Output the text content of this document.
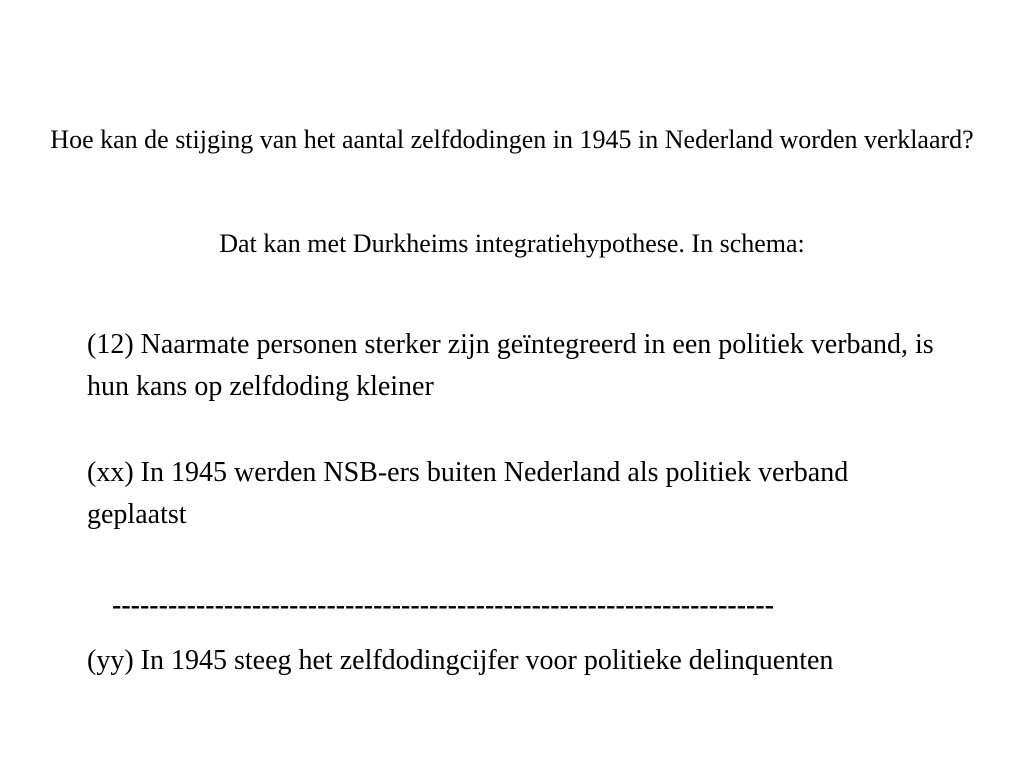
Hoe kan de stijging van het aantal zelfdodingen in 1945 in Nederland worden verklaard?
Dat kan met Durkheims integratiehypothese. In schema:
(12) Naarmate personen sterker zijn geïntegreerd in een politiek verband, is hun kans op zelfdoding kleiner
(xx) In 1945 werden NSB-ers buiten Nederland als politiek verband geplaatst
-----------------------------------------------------------------------
(yy) In 1945 steeg het zelfdodingcijfer voor politieke delinquenten
